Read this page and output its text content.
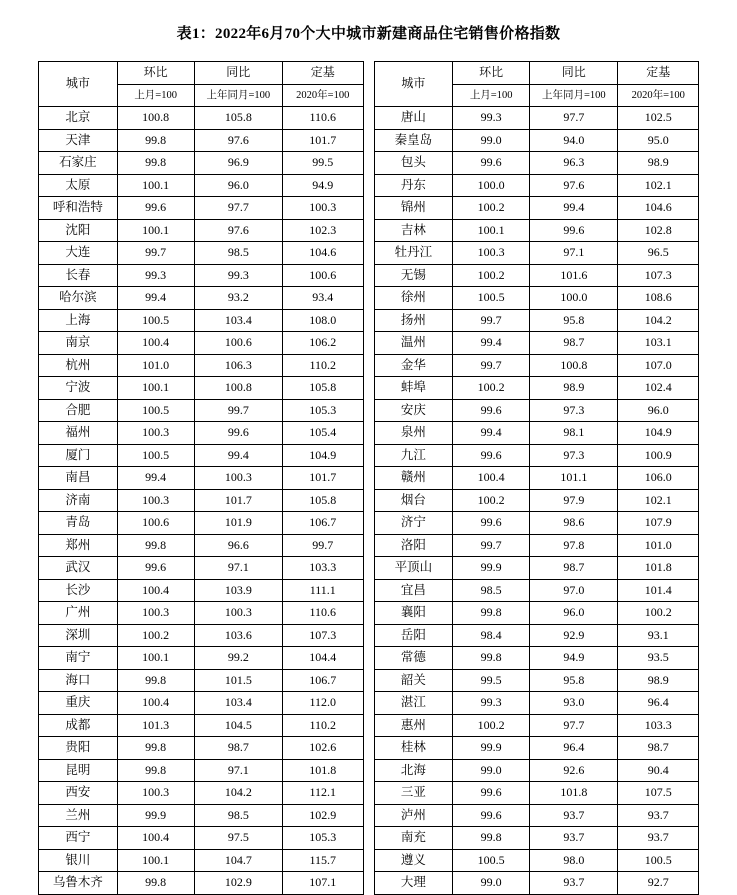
表1：2022年6月70个大中城市新建商品住宅销售价格指数
城市	环比	同比	定基
	上月=100	上年同月=100	2020年=100
北京	100.8	105.8	110.6
天津	99.8	97.6	101.7
石家庄	99.8	96.9	99.5
太原	100.1	96.0	94.9
呼和浩特	99.6	97.7	100.3
沈阳	100.1	97.6	102.3
大连	99.7	98.5	104.6
长春	99.3	99.3	100.6
哈尔滨	99.4	93.2	93.4
上海	100.5	103.4	108.0
南京	100.4	100.6	106.2
杭州	101.0	106.3	110.2
宁波	100.1	100.8	105.8
合肥	100.5	99.7	105.3
福州	100.3	99.6	105.4
厦门	100.5	99.4	104.9
南昌	99.4	100.3	101.7
济南	100.3	101.7	105.8
青岛	100.6	101.9	106.7
郑州	99.8	96.6	99.7
武汉	99.6	97.1	103.3
长沙	100.4	103.9	111.1
广州	100.3	100.3	110.6
深圳	100.2	103.6	107.3
南宁	100.1	99.2	104.4
海口	99.8	101.5	106.7
重庆	100.4	103.4	112.0
成都	101.3	104.5	110.2
贵阳	99.8	98.7	102.6
昆明	99.8	97.1	101.8
西安	100.3	104.2	112.1
兰州	99.9	98.5	102.9
西宁	100.4	97.5	105.3
银川	100.1	104.7	115.7
乌鲁木齐	99.8	102.9	107.1
城市	环比	同比	定基
	上月=100	上年同月=100	2020年=100
唐山	99.3	97.7	102.5
秦皇岛	99.0	94.0	95.0
包头	99.6	96.3	98.9
丹东	100.0	97.6	102.1
锦州	100.2	99.4	104.6
吉林	100.1	99.6	102.8
牡丹江	100.3	97.1	96.5
无锡	100.2	101.6	107.3
徐州	100.5	100.0	108.6
扬州	99.7	95.8	104.2
温州	99.4	98.7	103.1
金华	99.7	100.8	107.0
蚌埠	100.2	98.9	102.4
安庆	99.6	97.3	96.0
泉州	99.4	98.1	104.9
九江	99.6	97.3	100.9
赣州	100.4	101.1	106.0
烟台	100.2	97.9	102.1
济宁	99.6	98.6	107.9
洛阳	99.7	97.8	101.0
平顶山	99.9	98.7	101.8
宜昌	98.5	97.0	101.4
襄阳	99.8	96.0	100.2
岳阳	98.4	92.9	93.1
常德	99.8	94.9	93.5
韶关	99.5	95.8	98.9
湛江	99.3	93.0	96.4
惠州	100.2	97.7	103.3
桂林	99.9	96.4	98.7
北海	99.0	92.6	90.4
三亚	99.6	101.8	107.5
泸州	99.6	93.7	93.7
南充	99.8	93.7	93.7
遵义	100.5	98.0	100.5
大理	99.0	93.7	92.7
